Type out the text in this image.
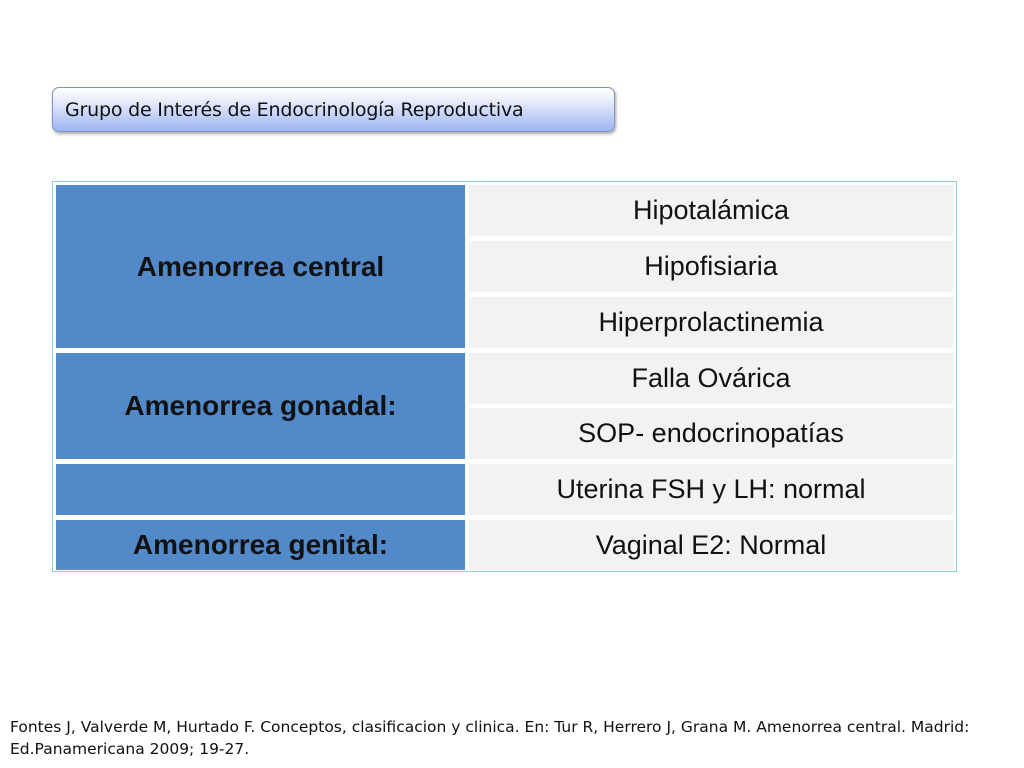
Grupo de Interés de Endocrinología Reproductiva
Amenorrea central
Amenorrea gonadal:
Amenorrea genital:
Hipotalámica
Hipofisiaria
Hiperprolactinemia
Falla Ovárica
SOP- endocrinopatías
Uterina FSH y LH: normal
Vaginal E2: Normal
Fontes J, Valverde M, Hurtado F. Conceptos, clasificacion y clinica. En: Tur R, Herrero J, Grana M. Amenorrea central. Madrid: Ed.Panamericana 2009; 19-27.
